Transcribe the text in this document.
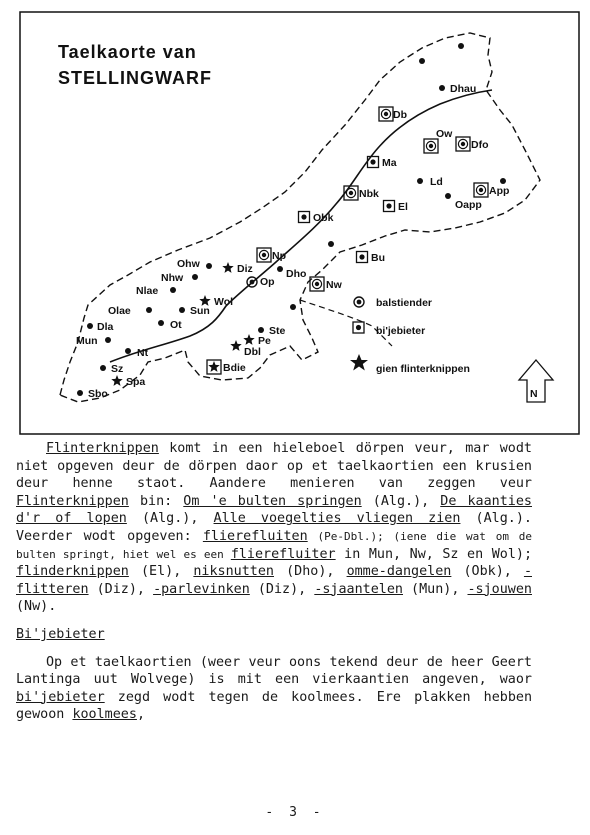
Taelkaorte van
STELLINGWARF
Db
Dhau
Ow
Dfo
Ma
Ld
Nbk
El
App
Oapp
Obk
Np	Bu
Ohw	Diz
Op
Dho
Nhw
Nw
Nlae
Wol
Sun
Olae
Ot
Dla	Ste
Mun	Pe
Dbl
Nt
Sz	Bdie
Spa
Sbo
balstiender
bi'jebieter
gien flinterknippen
N

Flinterknippen komt in een hieleboel dörpen veur, mar wodt niet opgeven deur de dörpen daor op et taelkaortien een krusien deur henne staot. Aandere menieren van zeggen veur Flinterknippen bin: Om 'e bulten springen (Alg.), De kaanties d'r of lopen (Alg.), Alle voegelties vliegen zien (Alg.). Veerder wodt opgeven: flierefluiten (Pe-Dbl.); (iene die wat om de bulten springt, hiet wel es een flierefluiter in Mun, Nw, Sz en Wol); flinderknippen (El), niksnutten (Dho), omme-dangelen (Obk), - flitteren (Diz), -parlevinken (Diz), -sjaantelen (Mun), -sjouwen (Nw).

Bi'jebieter

Op et taelkaortien (weer veur oons tekend deur de heer Geert Lantinga uut Wolvege) is mit een vierkaantien angeven, waor bi'jebieter zegd wodt tegen de koolmees. Ere plakken hebben gewoon koolmees,

- 3 -
